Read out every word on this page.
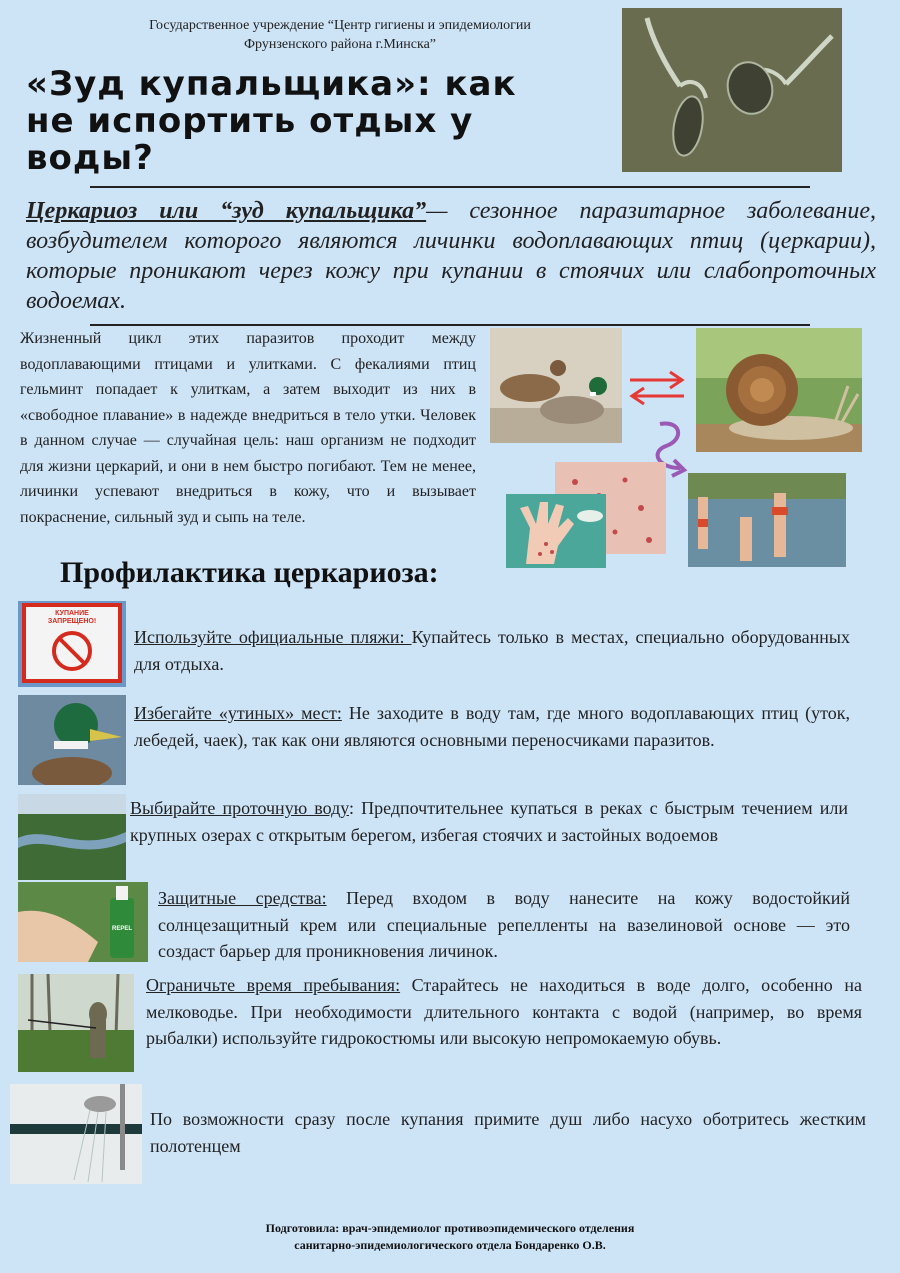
Государственное учреждение “Центр гигиены и эпидемиологии
Фрунзенского района г.Минска”
«Зуд купальщика»: как
не испортить отдых у
воды?
Церкариоз или “зуд купальщика”— сезонное паразитарное заболевание, возбудителем которого являются личинки водоплавающих птиц (церкарии), которые проникают через кожу при купании в стоячих или слабопроточных водоемах.
Жизненный цикл этих паразитов проходит между водоплавающими птицами и улитками. С фекалиями птиц гельминт попадает к улиткам, а затем выходит из них в «свободное плавание» в надежде внедриться в тело утки. Человек в данном случае — случайная цель: наш организм не подходит для жизни церкарий, и они в нем быстро погибают. Тем не менее, личинки успевают внедриться в кожу, что и вызывает покраснение, сильный зуд и сыпь на теле.
Профилактика церкариоза:
КУПАНИЕ ЗАПРЕЩЕНО!
Используйте официальные пляжи: Купайтесь только в местах, специально оборудованных для отдыха.
Избегайте «утиных» мест: Не заходите в воду там, где много водоплавающих птиц (уток, лебедей, чаек), так как они являются основными переносчиками паразитов.
Выбирайте проточную воду: Предпочтительнее купаться в реках с быстрым течением или крупных озерах с открытым берегом, избегая стоячих и застойных водоемов
REPEL
Защитные средства: Перед входом в воду нанесите на кожу водостойкий солнцезащитный крем или специальные репелленты на вазелиновой основе — это создаст барьер для проникновения личинок.
Ограничьте время пребывания: Старайтесь не находиться в воде долго, особенно на мелководье. При необходимости длительного контакта с водой (например, во время рыбалки) используйте гидрокостюмы или высокую непромокаемую обувь.
По возможности сразу после купания примите душ либо насухо оботритесь жестким полотенцем
Подготовила: врач-эпидемиолог противоэпидемического отделения
санитарно-эпидемиологического отдела Бондаренко О.В.
